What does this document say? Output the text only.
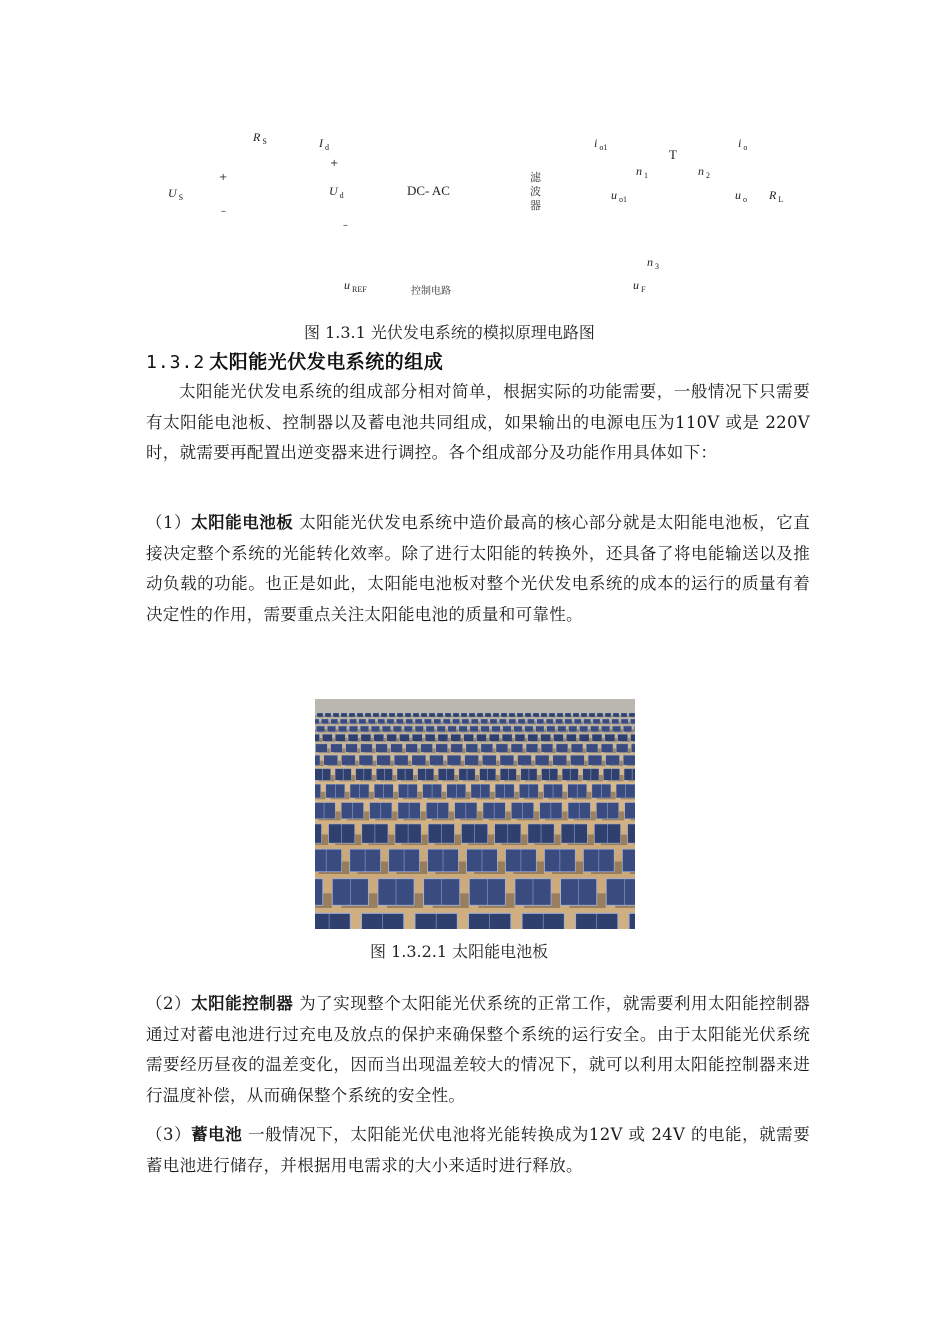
R $_S$	I $_d$
+
+
U $_S$	U $_d$	DC- AC
–
–
滤波器
i $_{o1}$	T
i $_o$
n $_1$	n $_2$
u $_{o1}$	u $_o$ R $_L$
n $_3$
u $_{REF}$	控制电路	u $_F$
图 1.3.1 光伏发电系统的模拟原理电路图
1.3.2 太阳能光伏发电系统的组成
太阳能光伏发电系统的组成部分相对简单，根据实际的功能需要，一般情况下只需要有太阳能电池板、控制器以及蓄电池共同组成，如果输出的电源电压为110V 或是 220V 时，就需要再配置出逆变器来进行调控。各个组成部分及功能作用具体如下：
（1）太阳能电池板 太阳能光伏发电系统中造价最高的核心部分就是太阳能电池板，它直接决定整个系统的光能转化效率。除了进行太阳能的转换外，还具备了将电能输送以及推动负载的功能。也正是如此，太阳能电池板对整个光伏发电系统的成本的运行的质量有着决定性的作用，需要重点关注太阳能电池的质量和可靠性。
图 1.3.2.1 太阳能电池板
（2）太阳能控制器 为了实现整个太阳能光伏系统的正常工作，就需要利用太阳能控制器通过对蓄电池进行过充电及放点的保护来确保整个系统的运行安全。由于太阳能光伏系统需要经历昼夜的温差变化，因而当出现温差较大的情况下，就可以利用太阳能控制器来进行温度补偿，从而确保整个系统的安全性。
（3）蓄电池 一般情况下，太阳能光伏电池将光能转换成为12V 或 24V 的电能，就需要蓄电池进行储存，并根据用电需求的大小来适时进行释放。
